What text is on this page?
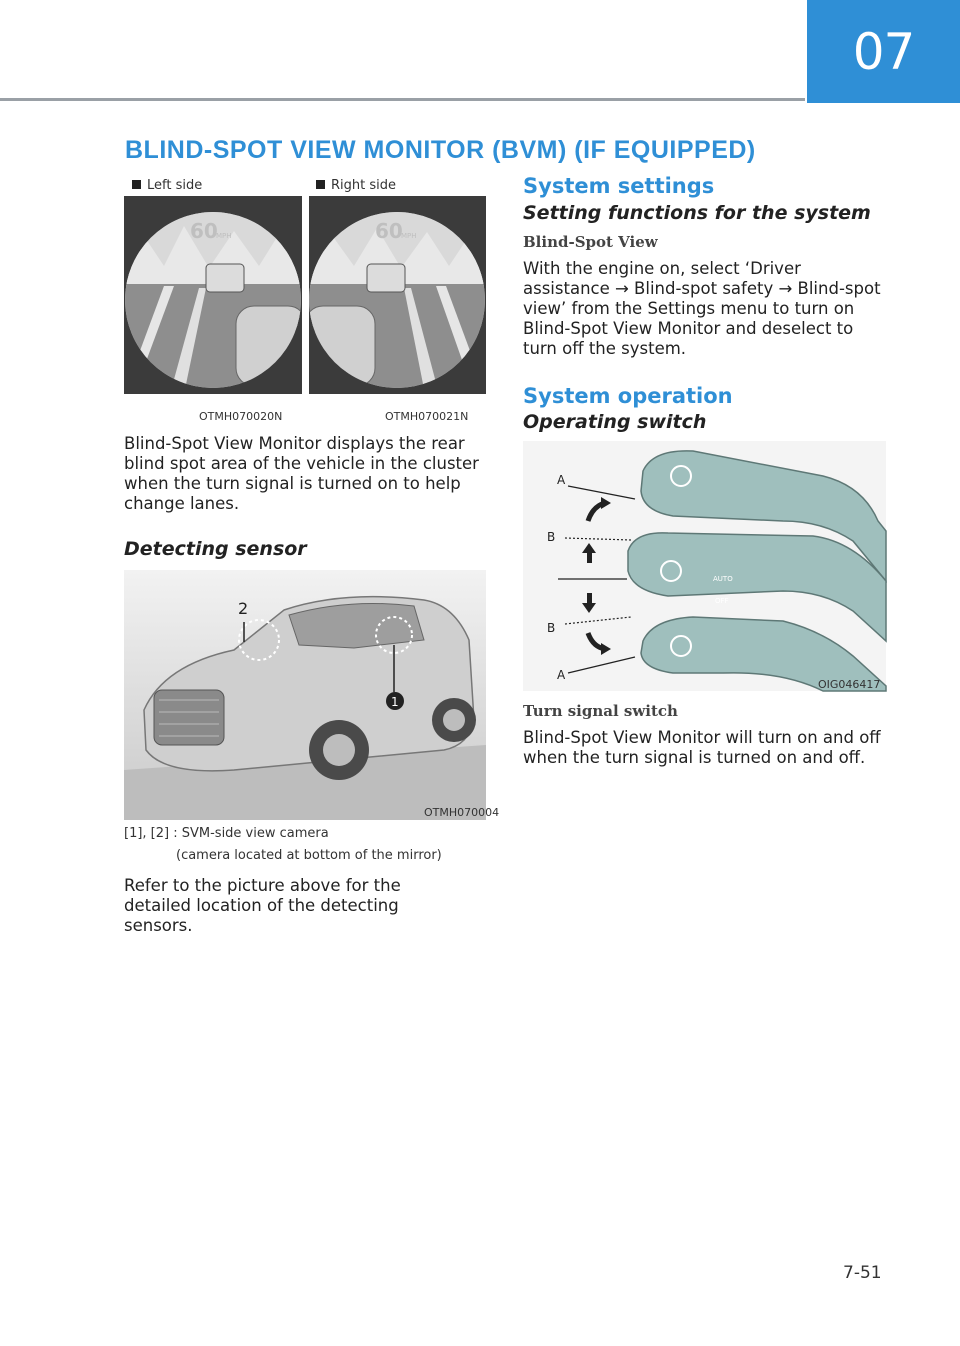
07
BLIND-SPOT VIEW MONITOR (BVM) (IF EQUIPPED)
Left side	Right side
60
MPH	60
MPH
OTMH070020N	OTMH070021N
Blind-Spot View Monitor displays the rear blind spot area of the vehicle in the cluster when the turn signal is turned on to help change lanes.
Detecting sensor
2
1
OTMH070004
[1], [2] : SVM-side view camera
(camera located at bottom of the mirror)
Refer to the picture above for the detailed location of the detecting sensors.
System settings
Setting functions for the system
Blind-Spot View
With the engine on, select ‘Driver assistance → Blind-spot safety → Blind-spot view’ from the Settings menu to turn on Blind-Spot View Monitor and deselect to turn off the system.
System operation
Operating switch
AUTO
OFF
A
B
B
A
OIG046417
Turn signal switch
Blind-Spot View Monitor will turn on and off when the turn signal is turned on and off.
7-51
